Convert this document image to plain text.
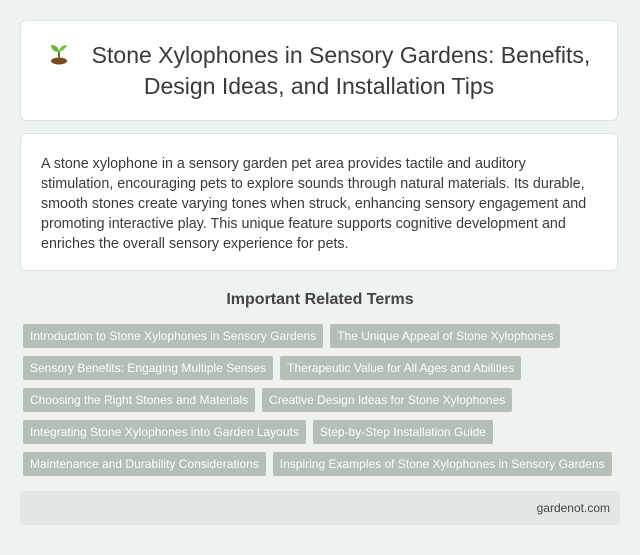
Stone Xylophones in Sensory Gardens: Benefits, Design Ideas, and Installation Tips

A stone xylophone in a sensory garden pet area provides tactile and auditory stimulation, encouraging pets to explore sounds through natural materials. Its durable, smooth stones create varying tones when struck, enhancing sensory engagement and promoting interactive play. This unique feature supports cognitive development and enriches the overall sensory experience for pets.

Important Related Terms
Introduction to Stone Xylophones in Sensory Gardens	The Unique Appeal of Stone Xylophones
Sensory Benefits: Engaging Multiple Senses	Therapeutic Value for All Ages and Abilities
Choosing the Right Stones and Materials	Creative Design Ideas for Stone Xylophones
Integrating Stone Xylophones into Garden Layouts	Step-by-Step Installation Guide
Maintenance and Durability Considerations	Inspiring Examples of Stone Xylophones in Sensory Gardens
gardenot.com
